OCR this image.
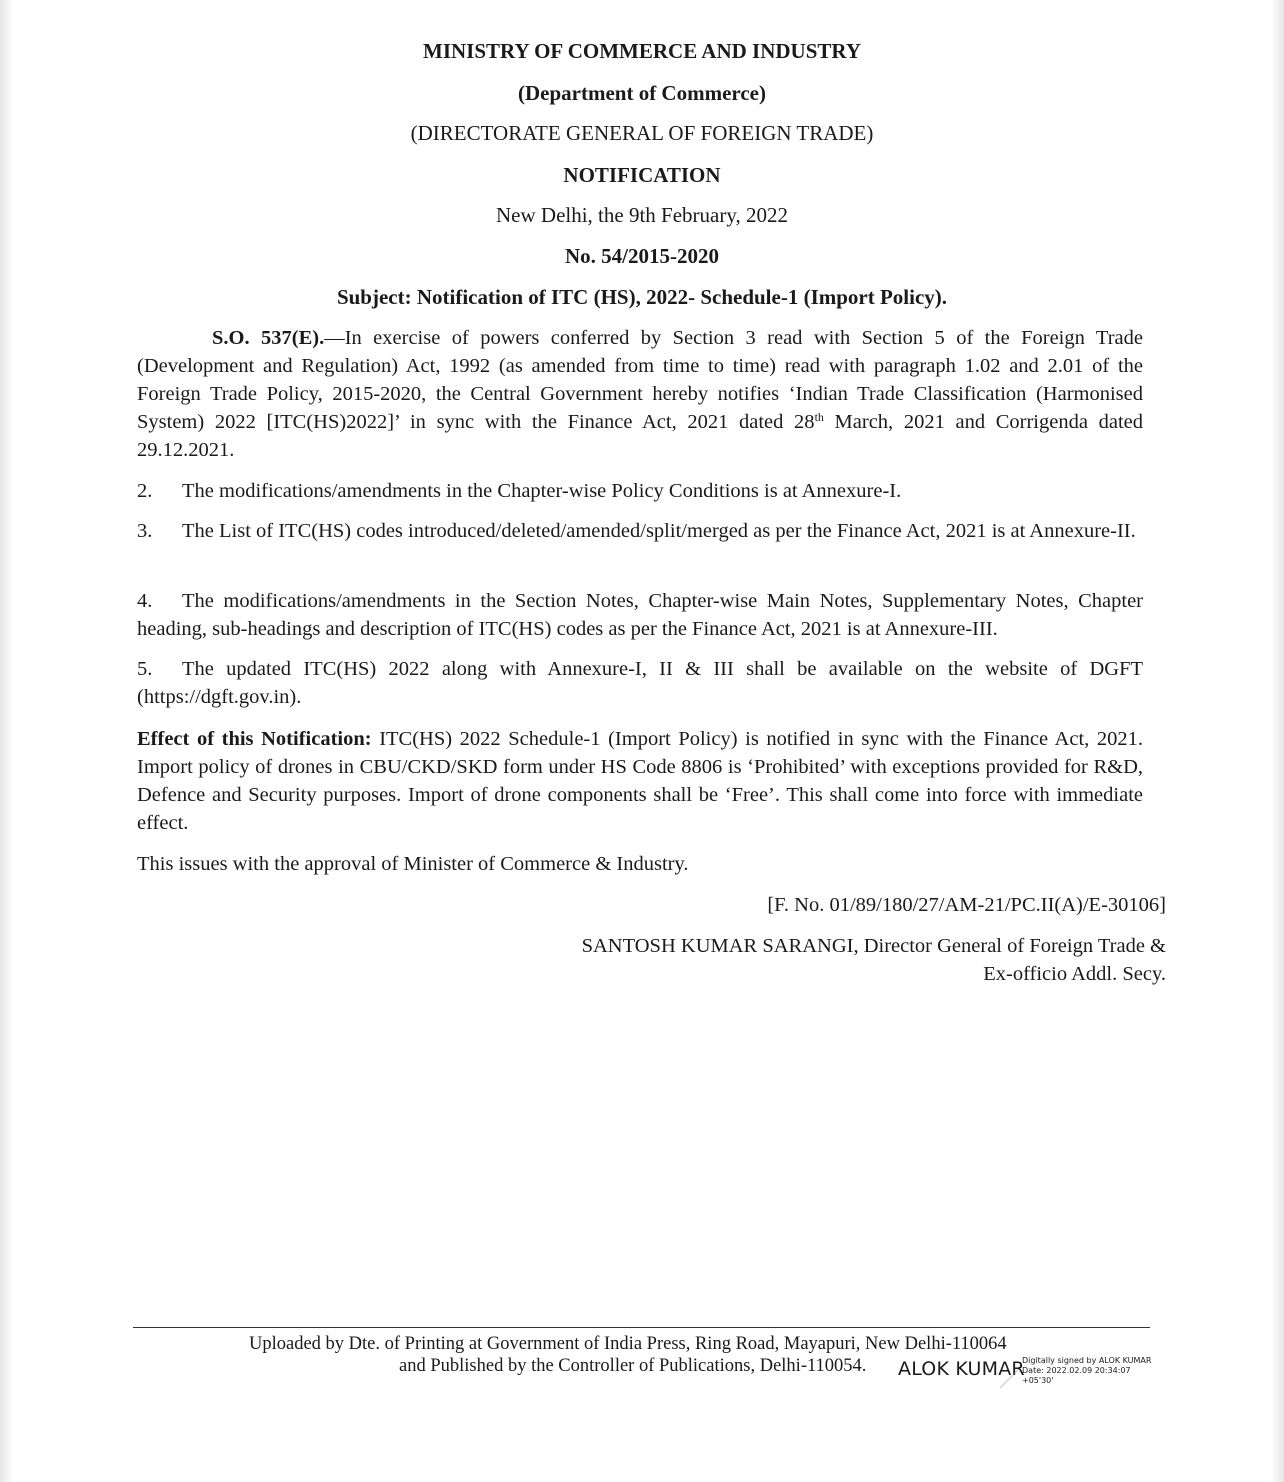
MINISTRY OF COMMERCE AND INDUSTRY
(Department of Commerce)
(DIRECTORATE GENERAL OF FOREIGN TRADE)
NOTIFICATION
New Delhi, the 9th February, 2022
No. 54/2015-2020
Subject: Notification of ITC (HS), 2022- Schedule-1 (Import Policy).
S.O. 537(E).—In exercise of powers conferred by Section 3 read with Section 5 of the Foreign Trade (Development and Regulation) Act, 1992 (as amended from time to time) read with paragraph 1.02 and 2.01 of the Foreign Trade Policy, 2015-2020, the Central Government hereby notifies ‘Indian Trade Classification (Harmonised System) 2022 [ITC(HS)2022]’ in sync with the Finance Act, 2021 dated 28th March, 2021 and Corrigenda dated 29.12.2021.
2. The modifications/amendments in the Chapter-wise Policy Conditions is at Annexure-I.
3. The List of ITC(HS) codes introduced/deleted/amended/split/merged as per the Finance Act, 2021 is at Annexure-II.
4. The modifications/amendments in the Section Notes, Chapter-wise Main Notes, Supplementary Notes, Chapter heading, sub-headings and description of ITC(HS) codes as per the Finance Act, 2021 is at Annexure-III.
5. The updated ITC(HS) 2022 along with Annexure-I, II & III shall be available on the website of DGFT (https://dgft.gov.in).
Effect of this Notification: ITC(HS) 2022 Schedule-1 (Import Policy) is notified in sync with the Finance Act, 2021. Import policy of drones in CBU/CKD/SKD form under HS Code 8806 is ‘Prohibited’ with exceptions provided for R&D, Defence and Security purposes. Import of drone components shall be ‘Free’. This shall come into force with immediate effect.
This issues with the approval of Minister of Commerce & Industry.
[F. No. 01/89/180/27/AM-21/PC.II(A)/E-30106]
SANTOSH KUMAR SARANGI, Director General of Foreign Trade &
Ex-officio Addl. Secy.
Uploaded by Dte. of Printing at Government of India Press, Ring Road, Mayapuri, New Delhi-110064
and Published by the Controller of Publications, Delhi-110054. ALOK KUMAR
Digitally signed by ALOK KUMAR
Date: 2022.02.09 20:34:07
+05'30'
